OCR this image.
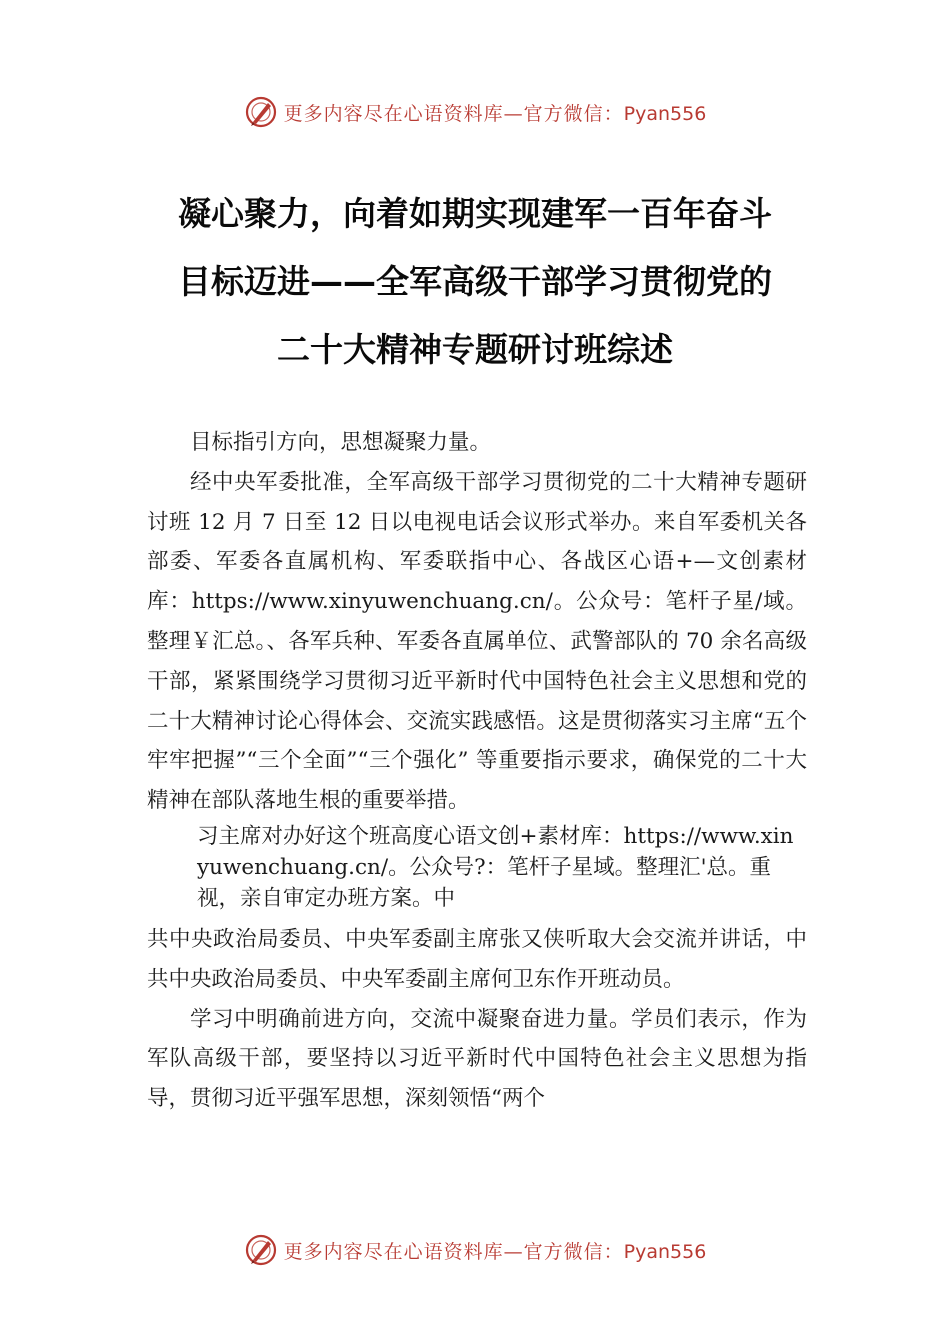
更多内容尽在心语资料库—官方微信：Pyan556
凝心聚力，向着如期实现建军一百年奋斗
目标迈进——全军高级干部学习贯彻党的
二十大精神专题研讨班综述

目标指引方向，思想凝聚力量。

经中央军委批准，全军高级干部学习贯彻党的二十大精神专题研讨班 12 月 7 日至 12 日以电视电话会议形式举办。来自军委机关各部委、军委各直属机构、军委联指中心、各战区心语+—文创素材库：https://www.xinyuwenchuang.cn/。公众号：笔杆子星/域。整理￥汇总。、各军兵种、军委各直属单位、武警部队的 70 余名高级干部，紧紧围绕学习贯彻习近平新时代中国特色社会主义思想和党的二十大精神讨论心得体会、交流实践感悟。这是贯彻落实习主席“五个牢牢把握”“三个全面”“三个强化” 等重要指示要求，确保党的二十大精神在部队落地生根的重要举措。

习主席对办好这个班高度心语文创+素材库：https://www.xinyuwenchuang.cn/。公众号?：笔杆子星域。整理汇'总。重视，亲自审定办班方案。中

共中央政治局委员、中央军委副主席张又侠听取大会交流并讲话，中共中央政治局委员、中央军委副主席何卫东作开班动员。

学习中明确前进方向，交流中凝聚奋进力量。学员们表示，作为军队高级干部，要坚持以习近平新时代中国特色社会主义思想为指导，贯彻习近平强军思想，深刻领悟“两个

更多内容尽在心语资料库—官方微信：Pyan556
